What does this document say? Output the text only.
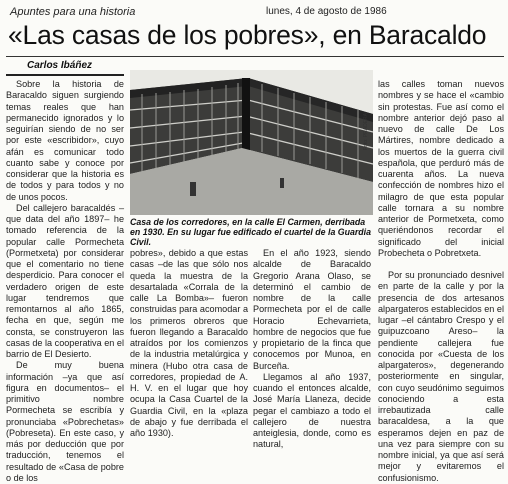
Apuntes para una historia	lunes, 4 de agosto de 1986
«Las casas de los pobres», en Baracaldo
Carlos Ibáñez

Sobre la historia de Baracaldo siguen surgiendo temas reales que han permanecido ignorados y lo seguirían siendo de no ser por este «escribidor», cuyo afán es comunicar todo cuanto sabe y conoce por considerar que la historia es de todos y para todos y no de unos pocos.

Del callejero baracaldés –que data del año 1897– he tomado referencia de la popular calle Pormecheta (Pormetxeta) por considerar que el comentario no tiene desperdicio. Para conocer el verdadero origen de este lugar tendremos que remontarnos al año 1865, fecha en que, según me consta, se construyeron las casas de la cooperativa en el barrio de El Desierto.

De muy buena información –ya que así figura en documentos– el primitivo nombre Pormecheta se escribía y pronunciaba «Pobrechetas» (Pobreseta). En este caso, y más por deducción que por traducción, tenemos el resultado de «Casa de pobre o de los

Foto: PRADERA
Casa de los corredores, en la calle El Carmen, derribada en 1930. En su lugar fue edificado el cuartel de la Guardia Civil.

pobres», debido a que estas casas –de las que sólo nos queda la muestra de la desartalada «Corrala de la calle La Bomba»– fueron construidas para acomodar a los primeros obreros que fueron llegando a Baracaldo atraídos por los comienzos de la industria metalúrgica y minera (Hubo otra casa de corredores, propiedad de A. H. V. en el lugar que hoy ocupa la Casa Cuartel de la Guardia Civil, en la «plaza de abajo y fue derribada el año 1930).

En el año 1923, siendo alcalde de Baracaldo Gregorio Arana Olaso, se determinó el cambio de nombre de la calle Pormecheta por el de calle Horacio Echevarrieta, hombre de negocios que fue y propietario de la finca que conocemos por Munoa, en Burceña.

Llegamos al año 1937, cuando el entonces alcalde, José María Llaneza, decide pegar el cambiazo a todo el callejero de nuestra anteiglesia, donde, como es natural,

las calles toman nuevos nombres y se hace el «cambio sin protestas. Fue así como el nombre anterior dejó paso al nuevo de calle De Los Mártires, nombre dedicado a los muertos de la guerra civil española, que perduró más de cuarenta años. La nueva confección de nombres hizo el milagro de que esta popular calle tornara a su nombre anterior de Pormetxeta, como queriéndonos recordar el significado del inicial Probecheta o Pobretxeta.

Por su pronunciado desnivel en parte de la calle y por la presencia de dos artesanos alpargateros establecidos en el lugar –el cántabro Crespo y el guipuzcoano Areso– la pendiente callejera fue conocida por «Cuesta de los alpargateros», degenerando posteriormente en singular, con cuyo seudónimo seguimos conociendo a esta irrebautizada calle baracaldesa, a la que esperamos dejen en paz de una vez para siempre con su nombre inicial, ya que así será mejor y evitaremos el confusionismo.
